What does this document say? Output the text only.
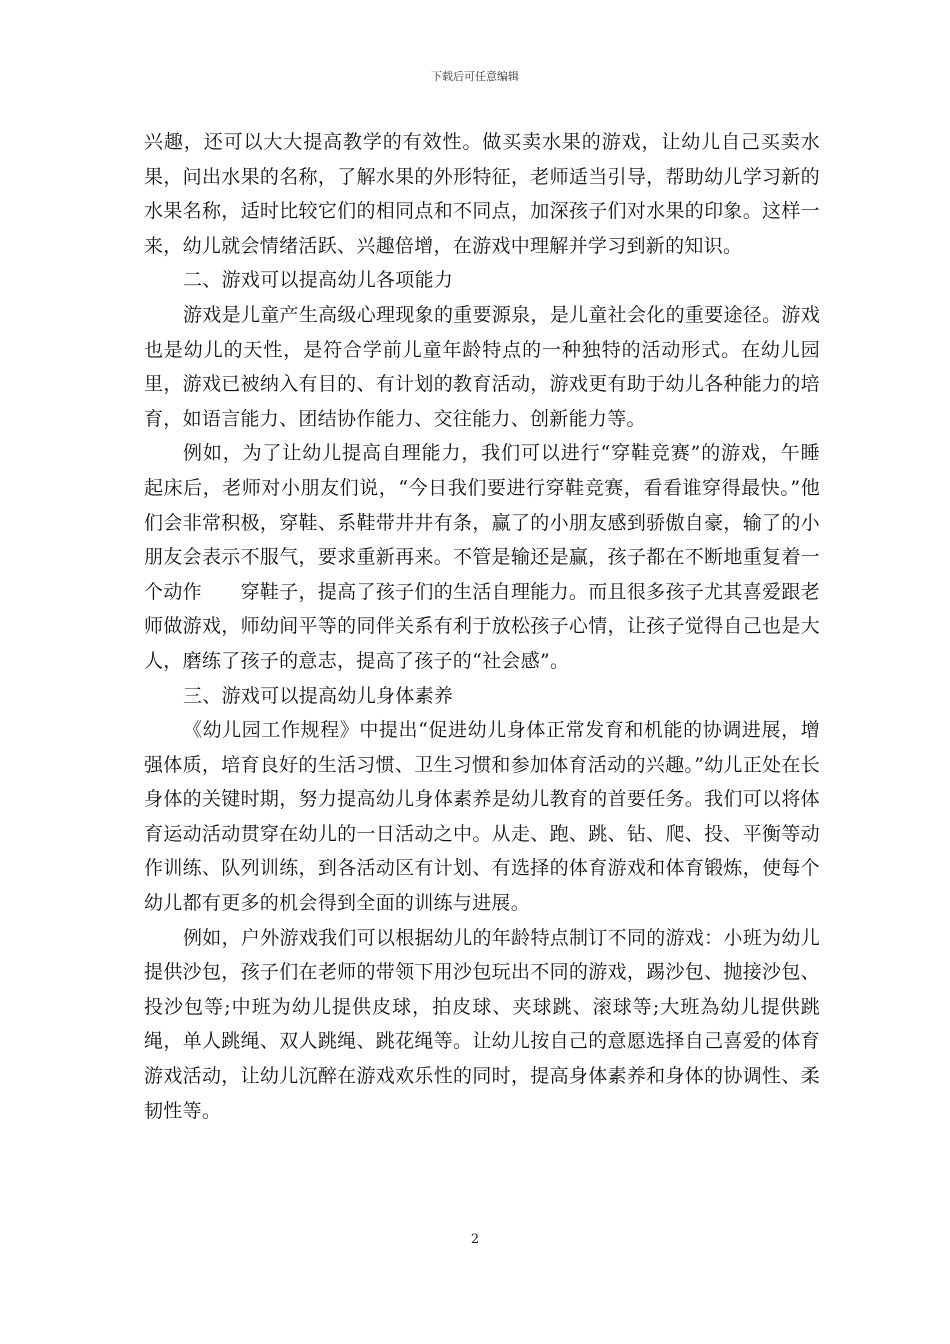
下载后可任意编辑

兴趣，还可以大大提高教学的有效性。做买卖水果的游戏，让幼儿自己买卖水果，问出水果的名称，了解水果的外形特征，老师适当引导，帮助幼儿学习新的水果名称，适时比较它们的相同点和不同点，加深孩子们对水果的印象。这样一来，幼儿就会情绪活跃、兴趣倍增，在游戏中理解并学习到新的知识。

二、游戏可以提高幼儿各项能力

游戏是儿童产生高级心理现象的重要源泉，是儿童社会化的重要途径。游戏也是幼儿的天性，是符合学前儿童年龄特点的一种独特的活动形式。在幼儿园里，游戏已被纳入有目的、有计划的教育活动，游戏更有助于幼儿各种能力的培育，如语言能力、团结协作能力、交往能力、创新能力等。

例如，为了让幼儿提高自理能力，我们可以进行“穿鞋竞赛”的游戏，午睡起床后，老师对小朋友们说，“今日我们要进行穿鞋竞赛，看看谁穿得最快。”他们会非常积极，穿鞋、系鞋带井井有条，赢了的小朋友感到骄傲自豪，输了的小朋友会表示不服气，要求重新再来。不管是输还是赢，孩子都在不断地重复着一个动作　　穿鞋子，提高了孩子们的生活自理能力。而且很多孩子尤其喜爱跟老师做游戏，师幼间平等的同伴关系有利于放松孩子心情，让孩子觉得自己也是大人，磨练了孩子的意志，提高了孩子的“社会感”。

三、游戏可以提高幼儿身体素养

《幼儿园工作规程》中提出“促进幼儿身体正常发育和机能的协调进展，增强体质，培育良好的生活习惯、卫生习惯和参加体育活动的兴趣。”幼儿正处在长身体的关键时期，努力提高幼儿身体素养是幼儿教育的首要任务。我们可以将体育运动活动贯穿在幼儿的一日活动之中。从走、跑、跳、钻、爬、投、平衡等动作训练、队列训练，到各活动区有计划、有选择的体育游戏和体育锻炼，使每个幼儿都有更多的机会得到全面的训练与进展。

例如，户外游戏我们可以根据幼儿的年龄特点制订不同的游戏：小班为幼儿提供沙包，孩子们在老师的带领下用沙包玩出不同的游戏，踢沙包、抛接沙包、投沙包等;中班为幼儿提供皮球，拍皮球、夹球跳、滚球等;大班為幼儿提供跳绳，单人跳绳、双人跳绳、跳花绳等。让幼儿按自己的意愿选择自己喜爱的体育游戏活动，让幼儿沉醉在游戏欢乐性的同时，提高身体素养和身体的协调性、柔韧性等。

2
